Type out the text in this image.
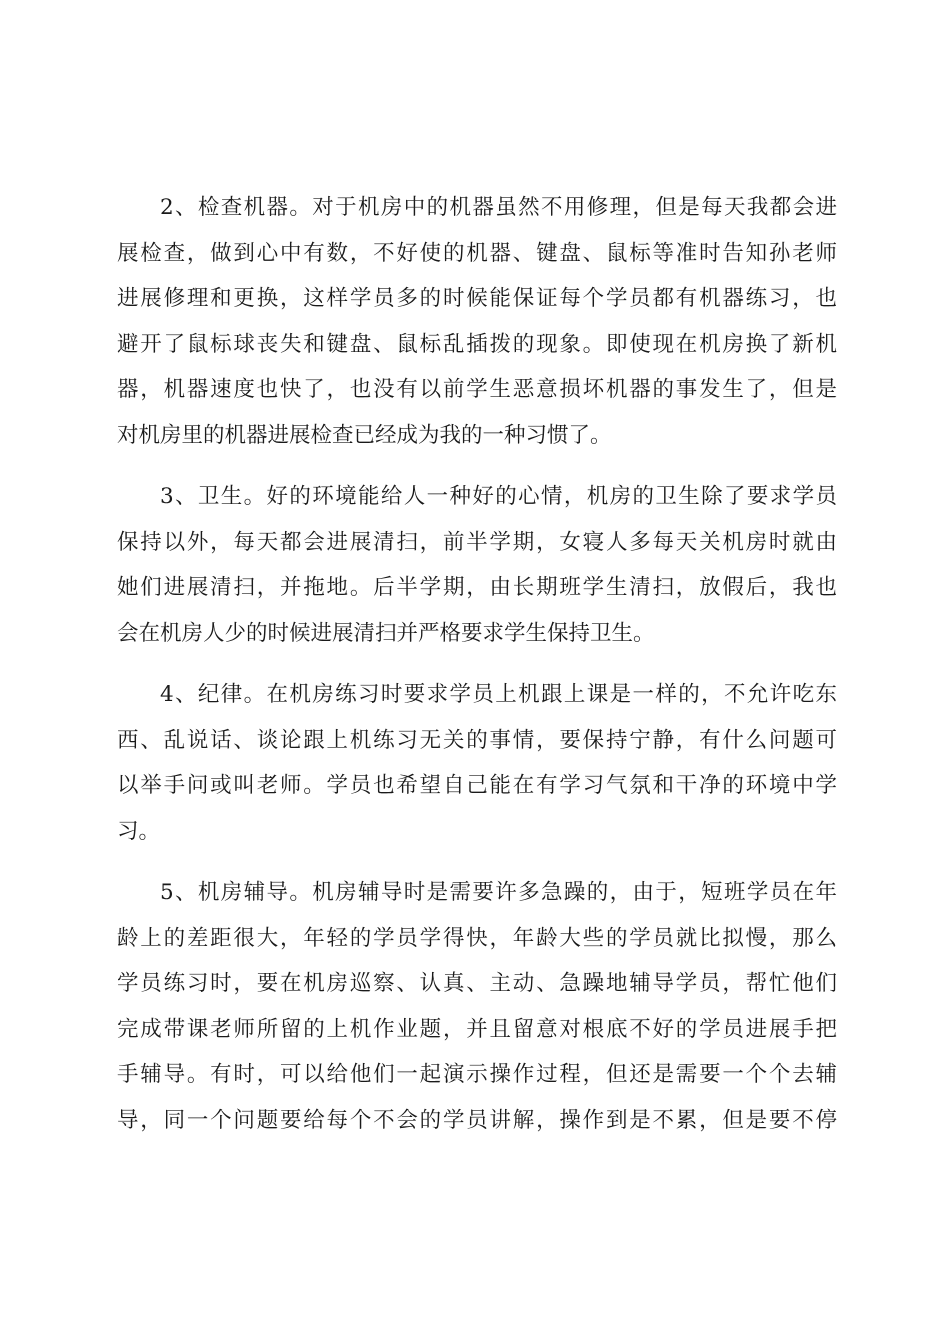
2、检查机器。对于机房中的机器虽然不用修理，但是每天我都会进
展检查，做到心中有数，不好使的机器、键盘、鼠标等准时告知孙老师
进展修理和更换，这样学员多的时候能保证每个学员都有机器练习，也
避开了鼠标球丧失和键盘、鼠标乱插拨的现象。即使现在机房换了新机
器，机器速度也快了，也没有以前学生恶意损坏机器的事发生了，但是
对机房里的机器进展检查已经成为我的一种习惯了。
3、卫生。好的环境能给人一种好的心情，机房的卫生除了要求学员
保持以外，每天都会进展清扫，前半学期，女寝人多每天关机房时就由
她们进展清扫，并拖地。后半学期，由长期班学生清扫，放假后，我也
会在机房人少的时候进展清扫并严格要求学生保持卫生。
4、纪律。在机房练习时要求学员上机跟上课是一样的，不允许吃东
西、乱说话、谈论跟上机练习无关的事情，要保持宁静，有什么问题可
以举手问或叫老师。学员也希望自己能在有学习气氛和干净的环境中学
习。
5、机房辅导。机房辅导时是需要许多急躁的，由于，短班学员在年
龄上的差距很大，年轻的学员学得快，年龄大些的学员就比拟慢，那么
学员练习时，要在机房巡察、认真、主动、急躁地辅导学员，帮忙他们
完成带课老师所留的上机作业题，并且留意对根底不好的学员进展手把
手辅导。有时，可以给他们一起演示操作过程，但还是需要一个个去辅
导，同一个问题要给每个不会的学员讲解，操作到是不累，但是要不停
